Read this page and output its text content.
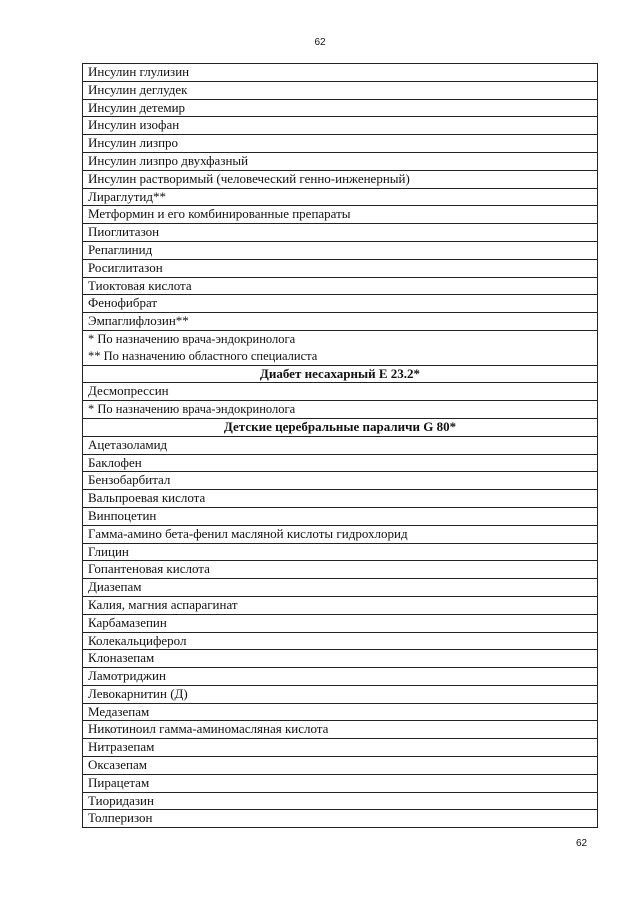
62
Инсулин глулизин
Инсулин деглудек
Инсулин детемир
Инсулин изофан
Инсулин лизпро
Инсулин лизпро двухфазный
Инсулин растворимый (человеческий генно-инженерный)
Лираглутид**
Метформин и его комбинированные препараты
Пиоглитазон
Репаглинид
Росиглитазон
Тиоктовая кислота
Фенофибрат
Эмпаглифлозин**
* По назначению врача-эндокринолога
** По назначению областного специалиста
Диабет несахарный E 23.2*
Десмопрессин
* По назначению врача-эндокринолога
Детские церебральные параличи G 80*
Ацетазоламид
Баклофен
Бензобарбитал
Вальпроевая кислота
Винпоцетин
Гамма-амино бета-фенил масляной кислоты гидрохлорид
Глицин
Гопантеновая кислота
Диазепам
Калия, магния аспарагинат
Карбамазепин
Колекальциферол
Клоназепам
Ламотриджин
Левокарнитин (Д)
Медазепам
Никотиноил гамма-аминомасляная кислота
Нитразепам
Оксазепам
Пирацетам
Тиоридазин
Толперизон
62
